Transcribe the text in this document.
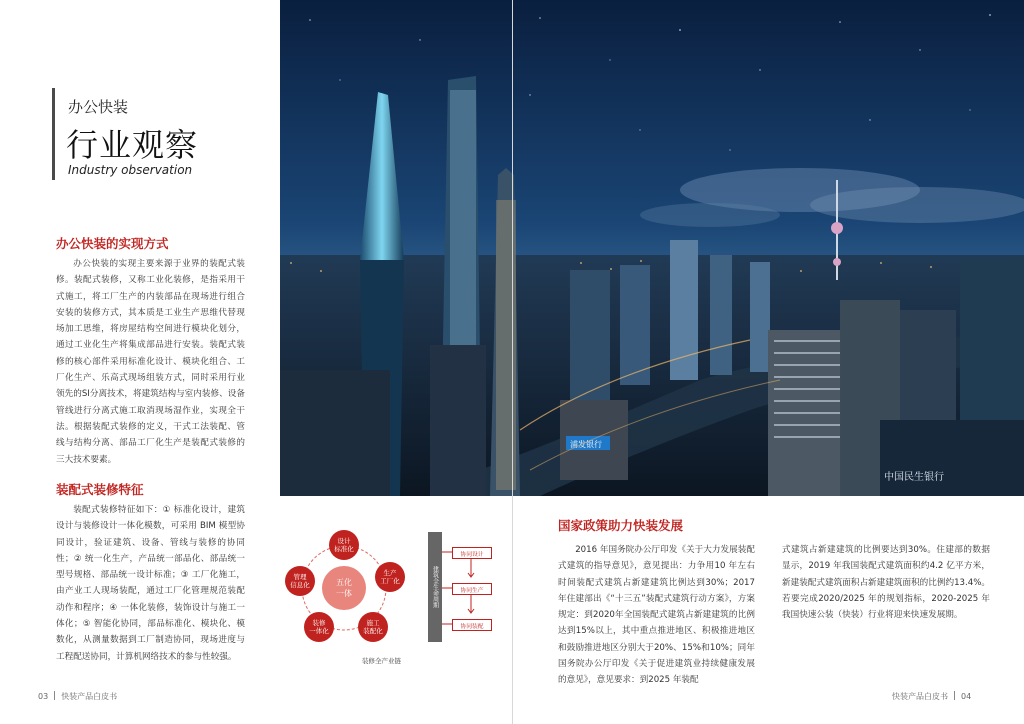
中国民生银行
浦发银行
办公快装
行业观察
Industry observation
办公快装的实现方式
办公快装的实现主要来源于业界的装配式装修。装配式装修，又称工业化装修，是指采用干式施工，将工厂生产的内装部品在现场进行组合安装的装修方式，其本质是工业生产思维代替现场加工思维，将房屋结构空间进行模块化划分，通过工业化生产将集成部品进行安装。装配式装修的核心部件采用标准化设计、模块化组合、工厂化生产、乐高式现场组装方式，同时采用行业领先的SI分离技术，将建筑结构与室内装修、设备管线进行分离式施工取消现场湿作业，实现全干法。根据装配式装修的定义，干式工法装配、管线与结构分离、部品工厂化生产是装配式装修的三大技术要素。
装配式装修特征
装配式装修特征如下：① 标准化设计，建筑设计与装修设计一体化模数，可采用 BIM 模型协同设计，验证建筑、设备、管线与装修的协同性；② 统一化生产，产品统一部品化、部品统一型号规格、部品统一设计标准；③ 工厂化施工，由产业工人现场装配，通过工厂化管理规范装配动作和程序；④ 一体化装修，装饰设计与施工一体化；⑤ 智能化协同，部品标准化、模块化、模数化，从测量数据到工厂制造协同，现场进度与工程配送协同，计算机网络技术的参与性较强。
五化
一体
设计
标准化
生产
工厂化
施工
装配化
装修
一体化
管理
信息化	建筑全生命周期
协同设计
协同生产
协同装配
装修全产业链
国家政策助力快装发展
2016 年国务院办公厅印发《关于大力发展装配式建筑的指导意见》，意见提出：力争用10 年左右时间装配式建筑占新建建筑比例达到30%；2017 年住建部出《“十三五”装配式建筑行动方案》，方案规定：到2020年全国装配式建筑占新建建筑的比例达到15%以上，其中重点推进地区、积极推进地区和鼓励推进地区分别大于20%、15%和10%；同年国务院办公厅印发《关于促进建筑业持续健康发展的意见》，意见要求：到2025 年装配
式建筑占新建建筑的比例要达到30%。住建部的数据显示，2019 年我国装配式建筑面积约4.2 亿平方米，新建装配式建筑面积占新建建筑面积的比例约13.4%。若要完成2020/2025 年的规划指标，2020-2025 年我国快速公装（快装）行业将迎来快速发展期。
03 快装产品白皮书	快装产品白皮书 04
